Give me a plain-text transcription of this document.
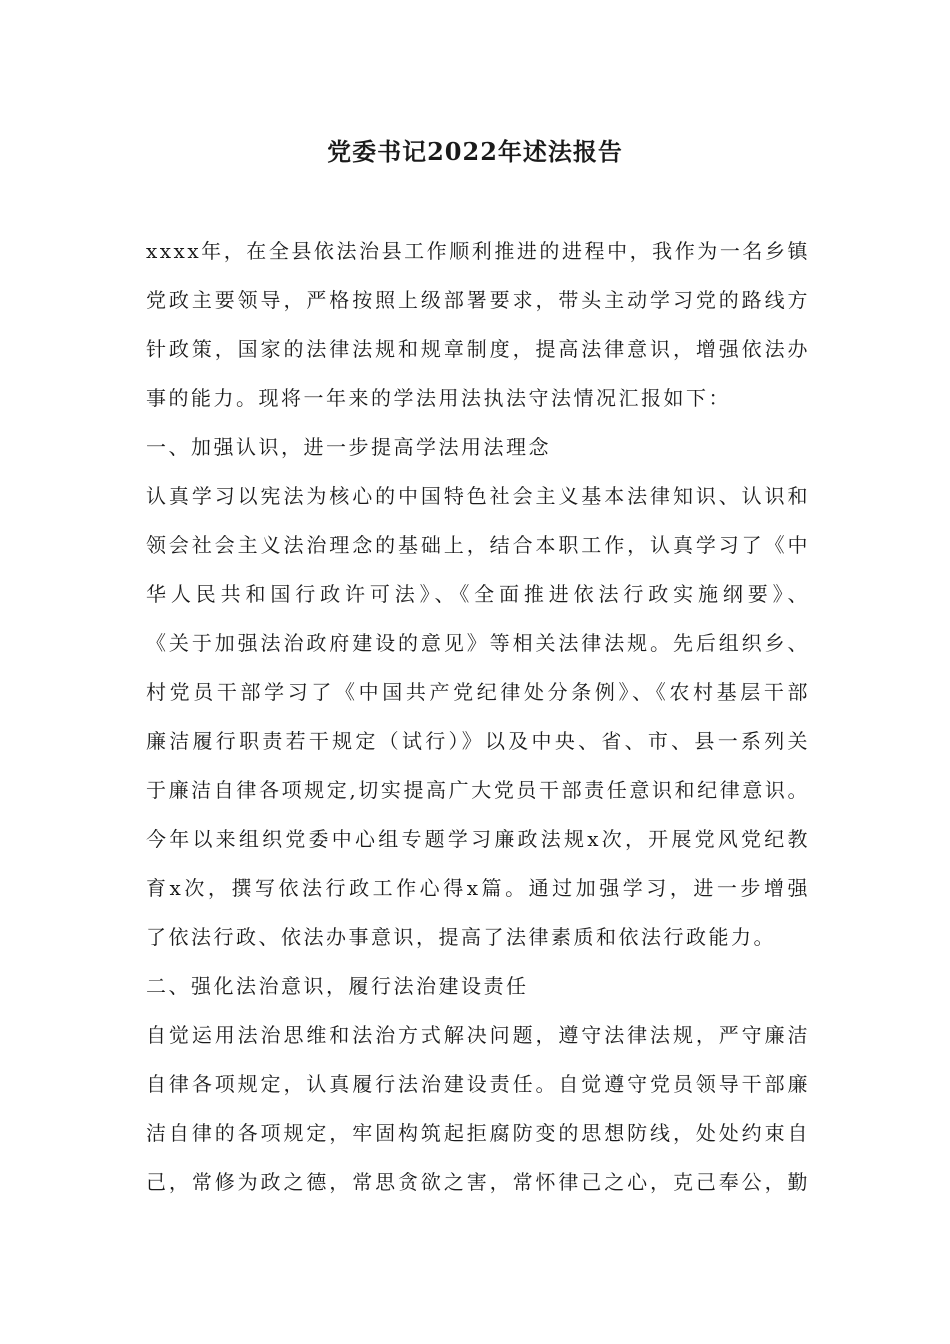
党委书记2022年述法报告
xxxx年，在全县依法治县工作顺利推进的进程中，我作为一名乡镇
党政主要领导，严格按照上级部署要求，带头主动学习党的路线方
针政策，国家的法律法规和规章制度，提高法律意识，增强依法办
事的能力。现将一年来的学法用法执法守法情况汇报如下：
一、加强认识，进一步提高学法用法理念
认真学习以宪法为核心的中国特色社会主义基本法律知识、认识和
领会社会主义法治理念的基础上，结合本职工作，认真学习了《中
华人民共和国行政许可法》、《全面推进依法行政实施纲要》、
《关于加强法治政府建设的意见》等相关法律法规。先后组织乡、
村党员干部学习了《中国共产党纪律处分条例》、《农村基层干部
廉洁履行职责若干规定（试行）》以及中央、省、市、县一系列关
于廉洁自律各项规定,切实提高广大党员干部责任意识和纪律意识。
今年以来组织党委中心组专题学习廉政法规x次，开展党风党纪教
育x次，撰写依法行政工作心得x篇。通过加强学习，进一步增强
了依法行政、依法办事意识，提高了法律素质和依法行政能力。
二、强化法治意识，履行法治建设责任
自觉运用法治思维和法治方式解决问题，遵守法律法规，严守廉洁
自律各项规定，认真履行法治建设责任。自觉遵守党员领导干部廉
洁自律的各项规定，牢固构筑起拒腐防变的思想防线，处处约束自
己，常修为政之德，常思贪欲之害，常怀律己之心，克己奉公，勤
